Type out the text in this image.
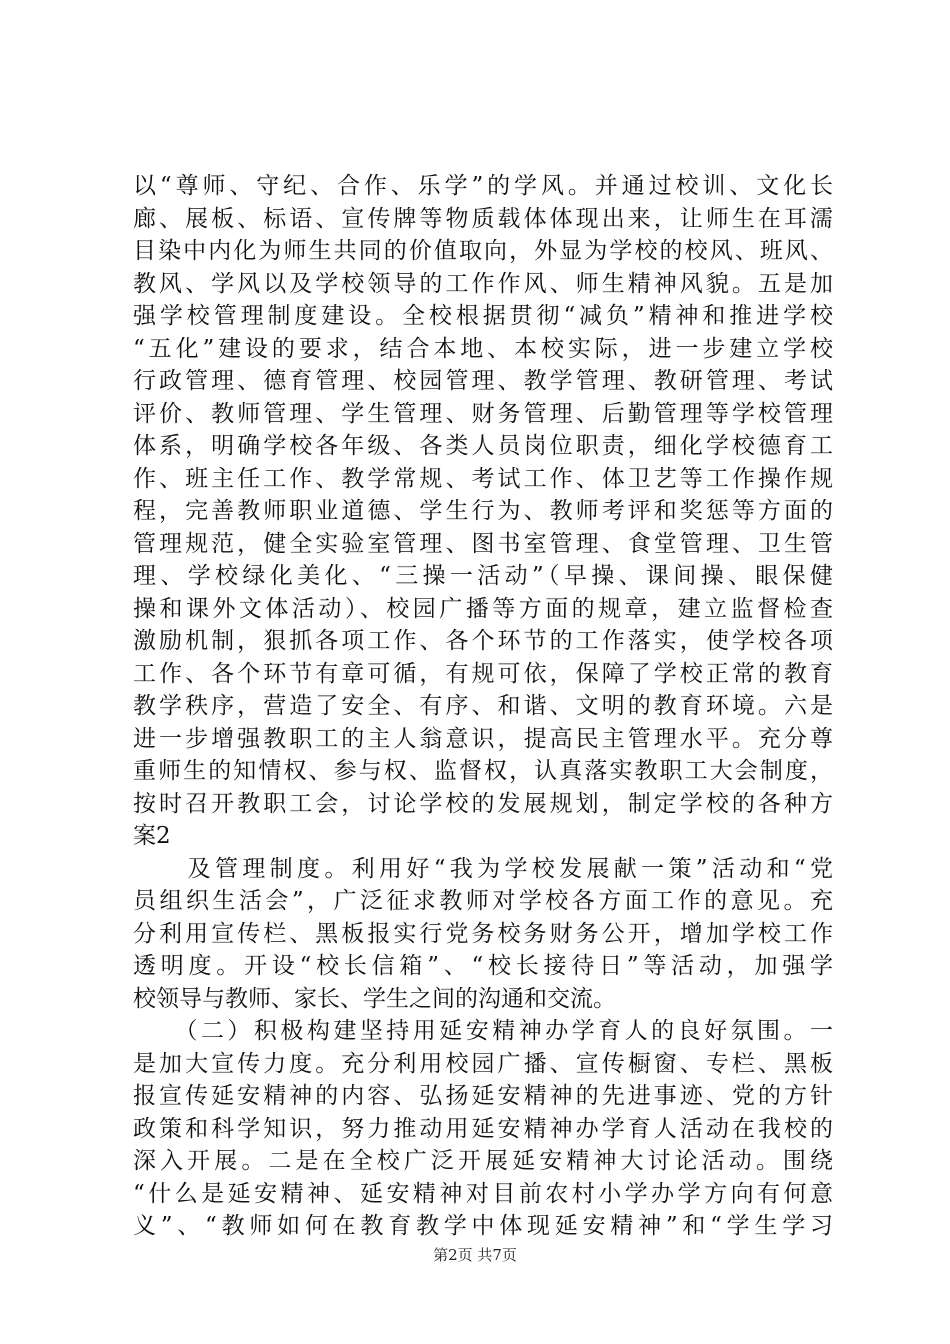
以“尊师、守纪、合作、乐学”的学风。并通过校训、文化长
廊、展板、标语、宣传牌等物质载体体现出来，让师生在耳濡
目染中内化为师生共同的价值取向，外显为学校的校风、班风、
教风、学风以及学校领导的工作作风、师生精神风貌。五是加
强学校管理制度建设。全校根据贯彻“减负”精神和推进学校
“五化”建设的要求，结合本地、本校实际，进一步建立学校
行政管理、德育管理、校园管理、教学管理、教研管理、考试
评价、教师管理、学生管理、财务管理、后勤管理等学校管理
体系，明确学校各年级、各类人员岗位职责，细化学校德育工
作、班主任工作、教学常规、考试工作、体卫艺等工作操作规
程，完善教师职业道德、学生行为、教师考评和奖惩等方面的
管理规范，健全实验室管理、图书室管理、食堂管理、卫生管
理、学校绿化美化、“三操一活动”（早操、课间操、眼保健
操和课外文体活动）、校园广播等方面的规章，建立监督检查
激励机制，狠抓各项工作、各个环节的工作落实，使学校各项
工作、各个环节有章可循，有规可依，保障了学校正常的教育
教学秩序，营造了安全、有序、和谐、文明的教育环境。六是
进一步增强教职工的主人翁意识，提高民主管理水平。充分尊
重师生的知情权、参与权、监督权，认真落实教职工大会制度，
按时召开教职工会，讨论学校的发展规划，制定学校的各种方
案2
　　及管理制度。利用好“我为学校发展献一策”活动和“党
员组织生活会”，广泛征求教师对学校各方面工作的意见。充
分利用宣传栏、黑板报实行党务校务财务公开，增加学校工作
透明度。开设“校长信箱”、“校长接待日”等活动，加强学
校领导与教师、家长、学生之间的沟通和交流。
　　（二）积极构建坚持用延安精神办学育人的良好氛围。一
是加大宣传力度。充分利用校园广播、宣传橱窗、专栏、黑板
报宣传延安精神的内容、弘扬延安精神的先进事迹、党的方针
政策和科学知识，努力推动用延安精神办学育人活动在我校的
深入开展。二是在全校广泛开展延安精神大讨论活动。围绕
“什么是延安精神、延安精神对目前农村小学办学方向有何意
义”、“教师如何在教育教学中体现延安精神”和“学生学习
第2页 共7页
